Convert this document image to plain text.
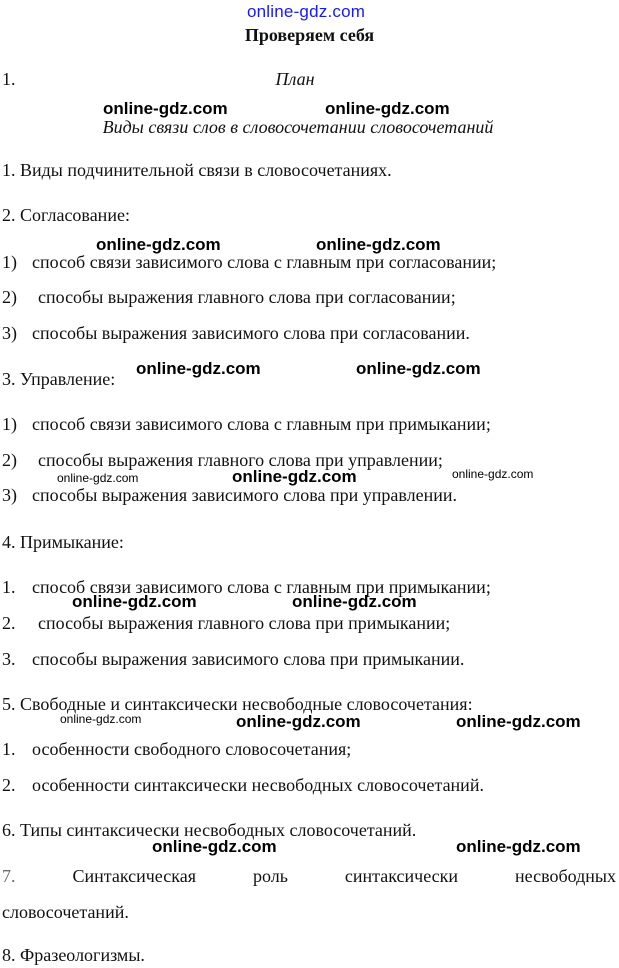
online-gdz.com
Проверяем себя
1.	План
online-gdz.com	online-gdz.com
Виды связи слов в словосочетании словосочетаний
1. Виды подчинительной связи в словосочетаниях.
2. Согласование:
online-gdz.com	online-gdz.com
1) способ связи зависимого слова с главным при согласовании;
2) способы выражения главного слова при согласовании;
3) способы выражения зависимого слова при согласовании.
online-gdz.com	online-gdz.com
3. Управление:
1) способ связи зависимого слова с главным при примыкании;
2) способы выражения главного слова при управлении;
online-gdz.com
online-gdz.com	online-gdz.com
3) способы выражения зависимого слова при управлении.
4. Примыкание:
1. способ связи зависимого слова с главным при примыкании;
online-gdz.com	online-gdz.com
2. способы выражения главного слова при примыкании;
3. способы выражения зависимого слова при примыкании.
5. Свободные и синтаксически несвободные словосочетания:
online-gdz.com	online-gdz.com	online-gdz.com
1. особенности свободного словосочетания;
2. особенности синтаксически несвободных словосочетаний.
6. Типы синтаксически несвободных словосочетаний.
online-gdz.com	online-gdz.com
7.	Синтаксическая	роль	синтаксически	несвободных
словосочетаний.
8. Фразеологизмы.
